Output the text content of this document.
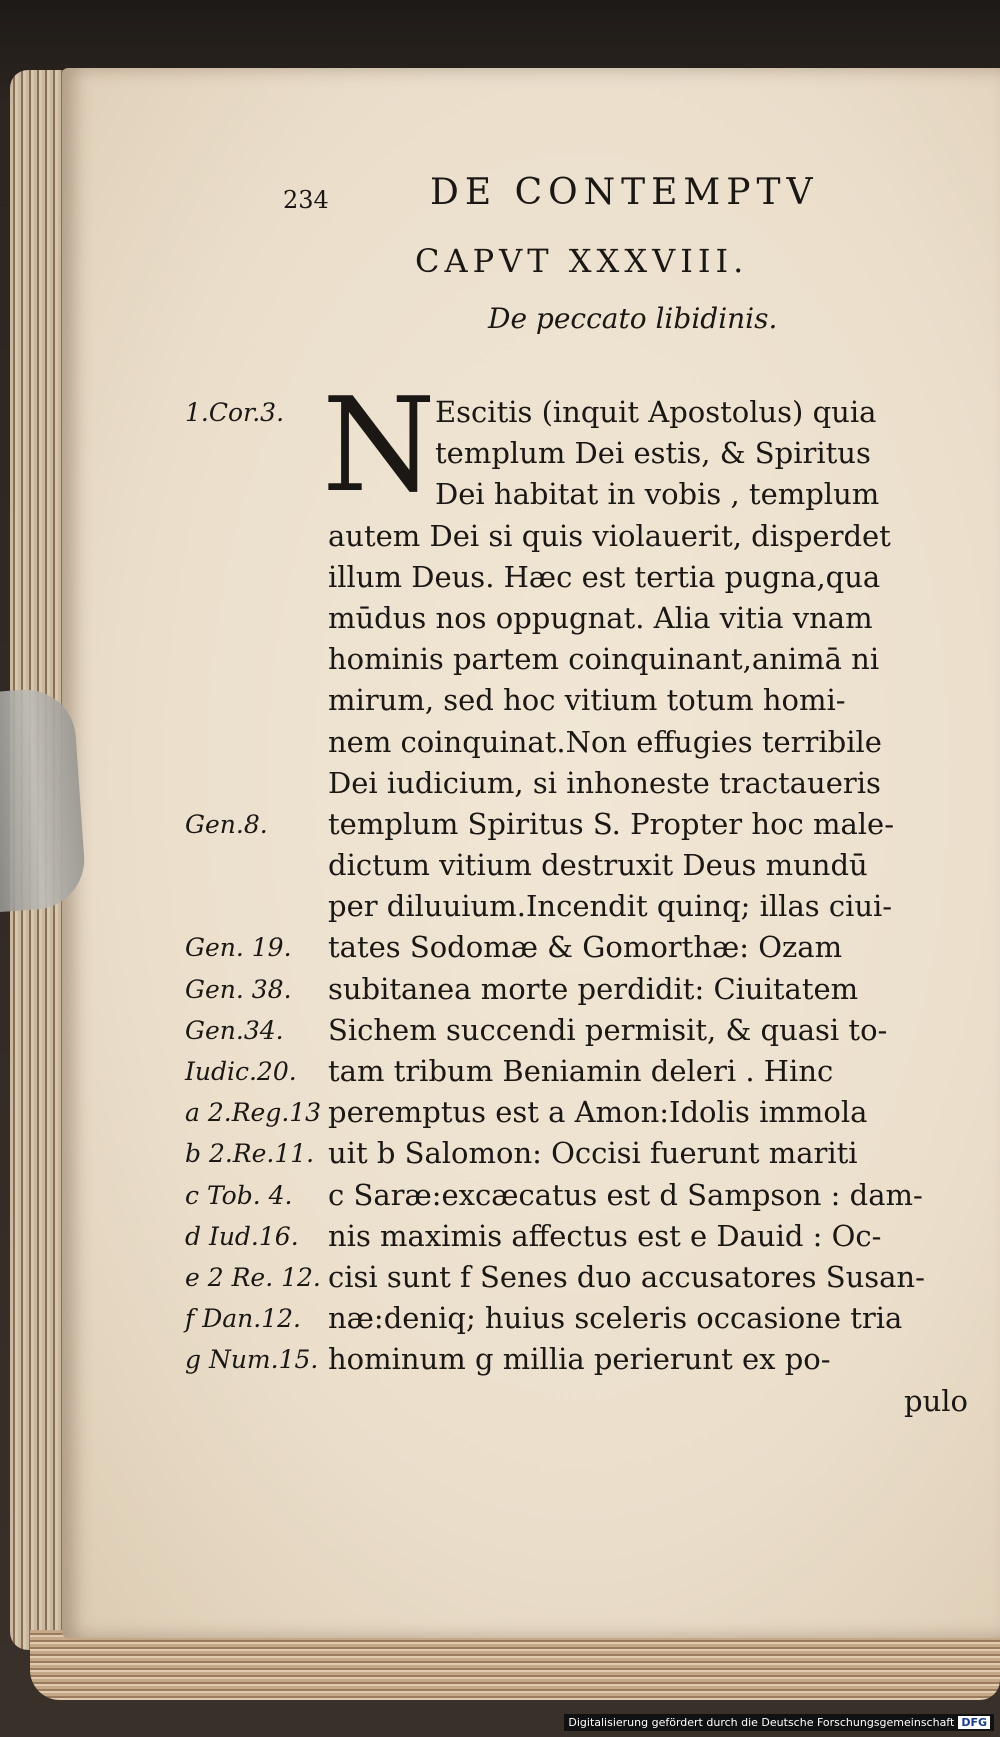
234	DE CONTEMPTV
CAPVT XXXVIII.
De peccato libidinis.
N Escitis (inquit Apostolus) quia
templum Dei estis, & Spiritus
Dei habitat in vobis , templum
autem Dei si quis violauerit, disperdet
illum Deus. Hæc est tertia pugna,qua
mūdus nos oppugnat. Alia vitia vnam
hominis partem coinquinant,animā ni
mirum, sed hoc vitium totum homi-
nem coinquinat.Non effugies terribile
Dei iudicium, si inhoneste tractaueris
templum Spiritus S. Propter hoc male-
dictum vitium destruxit Deus mundū
per diluuium.Incendit quinq; illas ciui-
tates Sodomæ & Gomorthæ: Ozam
subitanea morte perdidit: Ciuitatem
Sichem succendi permisit, & quasi to-
tam tribum Beniamin deleri . Hinc
peremptus est a Amon:Idolis immola
uit b Salomon: Occisi fuerunt mariti
c Saræ:excæcatus est d Sampson : dam-
nis maximis affectus est e Dauid : Oc-
cisi sunt f Senes duo accusatores Susan-
næ:deniq; huius sceleris occasione tria
hominum g millia perierunt ex po-
pulo
1.Cor.3.
Gen.8.
Gen. 19.
Gen. 38.
Gen.34.
Iudic.20.
a 2.Reg.13
b 2.Re.11.
c Tob. 4.
d Iud.16.
e 2 Re. 12.
f Dan.12.
g Num.15.
Digitalisierung gefördert durch die Deutsche Forschungsgemeinschaft DFG
